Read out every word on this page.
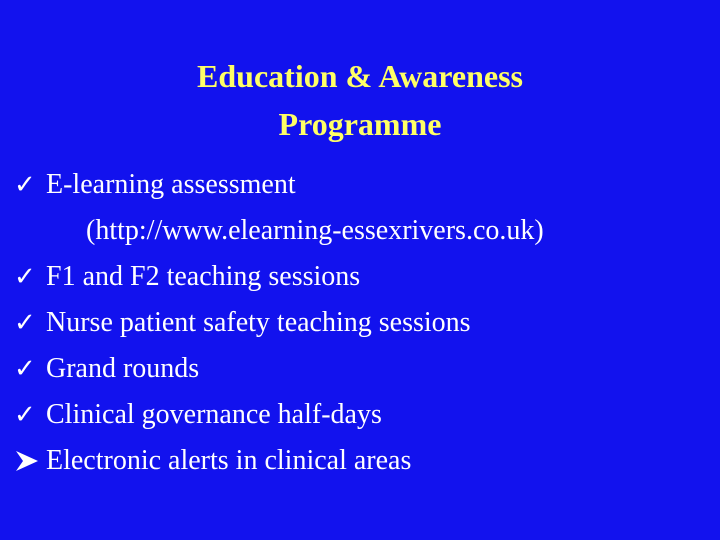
Education & Awareness
Programme
✓ E-learning assessment
(http://www.elearning-essexrivers.co.uk)
✓ F1 and F2 teaching sessions
✓ Nurse patient safety teaching sessions
✓ Grand rounds
✓ Clinical governance half-days
Electronic alerts in clinical areas
